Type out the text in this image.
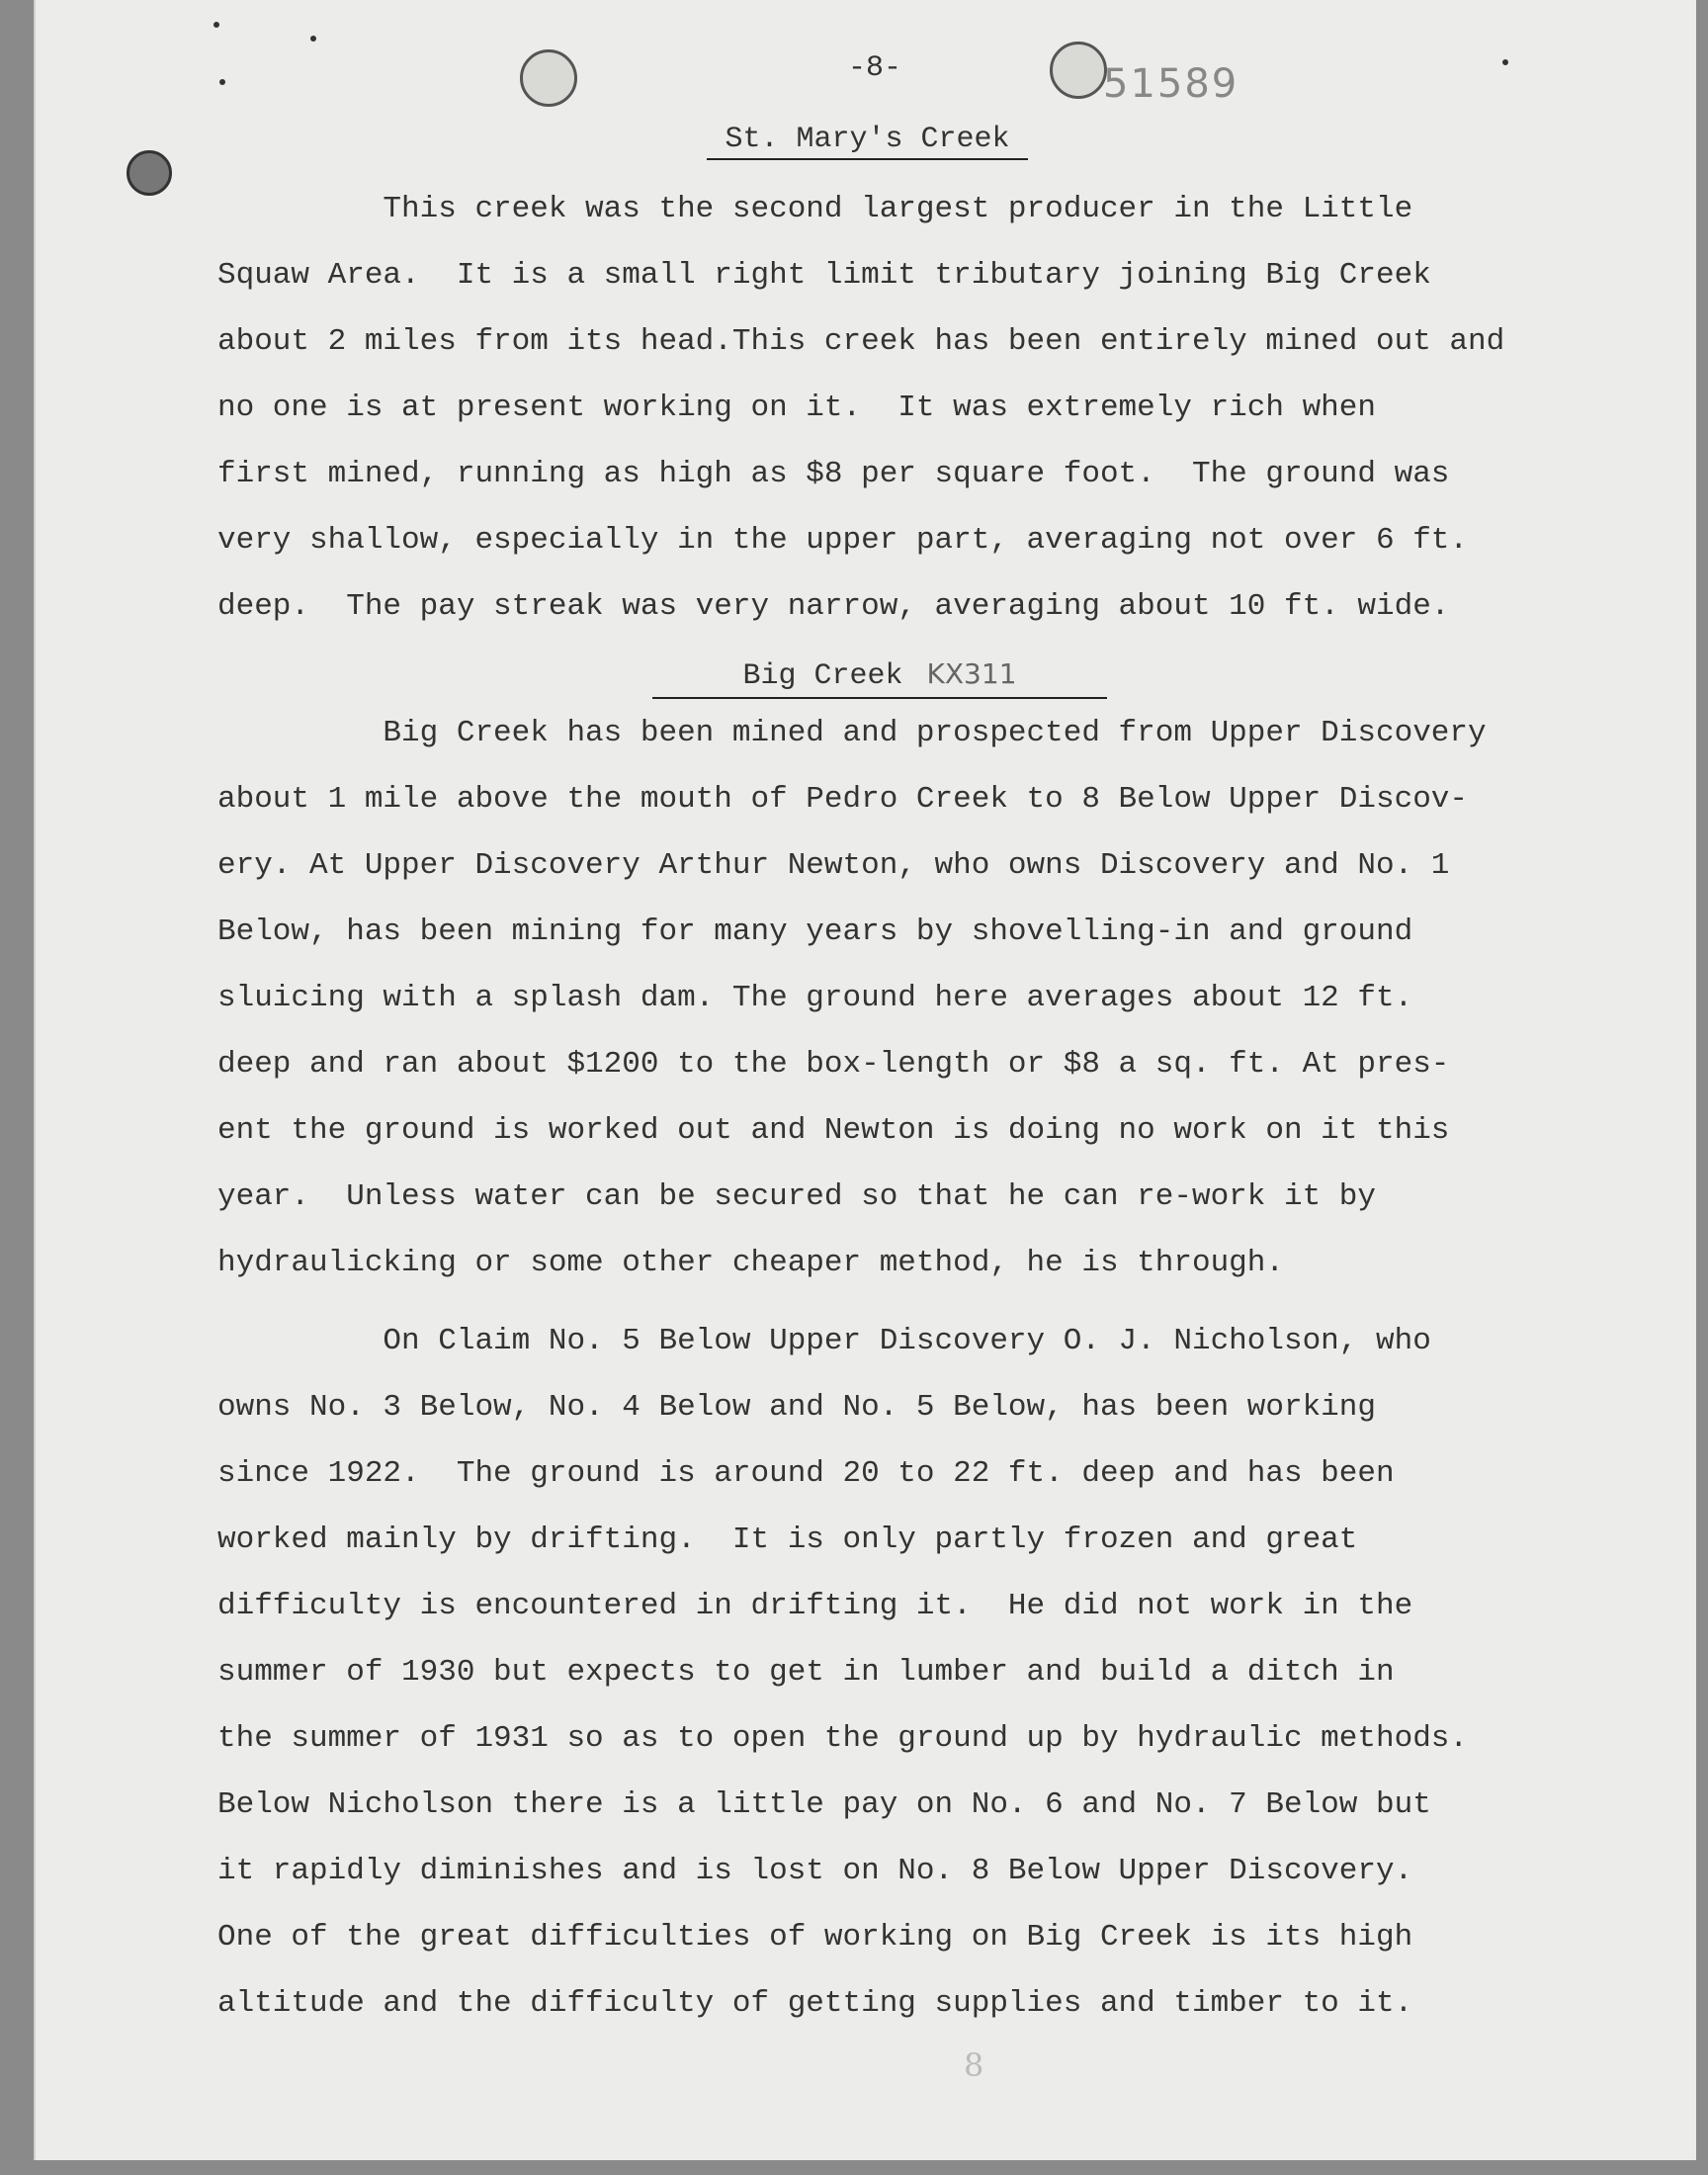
-8-	51589
St. Mary's Creek
This creek was the second largest producer in the Little
Squaw Area.  It is a small right limit tributary joining Big Creek
about 2 miles from its head.This creek has been entirely mined out and
no one is at present working on it.  It was extremely rich when
first mined, running as high as $8 per square foot.  The ground was
very shallow, especially in the upper part, averaging not over 6 ft.
deep.  The pay streak was very narrow, averaging about 10 ft. wide.
Big Creek KX311
Big Creek has been mined and prospected from Upper Discovery
about 1 mile above the mouth of Pedro Creek to 8 Below Upper Discov-
ery. At Upper Discovery Arthur Newton, who owns Discovery and No. 1
Below, has been mining for many years by shovelling-in and ground
sluicing with a splash dam. The ground here averages about 12 ft.
deep and ran about $1200 to the box-length or $8 a sq. ft. At pres-
ent the ground is worked out and Newton is doing no work on it this
year.  Unless water can be secured so that he can re-work it by
hydraulicking or some other cheaper method, he is through.
On Claim No. 5 Below Upper Discovery O. J. Nicholson, who
owns No. 3 Below, No. 4 Below and No. 5 Below, has been working
since 1922.  The ground is around 20 to 22 ft. deep and has been
worked mainly by drifting.  It is only partly frozen and great
difficulty is encountered in drifting it.  He did not work in the
summer of 1930 but expects to get in lumber and build a ditch in
the summer of 1931 so as to open the ground up by hydraulic methods.
Below Nicholson there is a little pay on No. 6 and No. 7 Below but
it rapidly diminishes and is lost on No. 8 Below Upper Discovery.
One of the great difficulties of working on Big Creek is its high
altitude and the difficulty of getting supplies and timber to it.
8
